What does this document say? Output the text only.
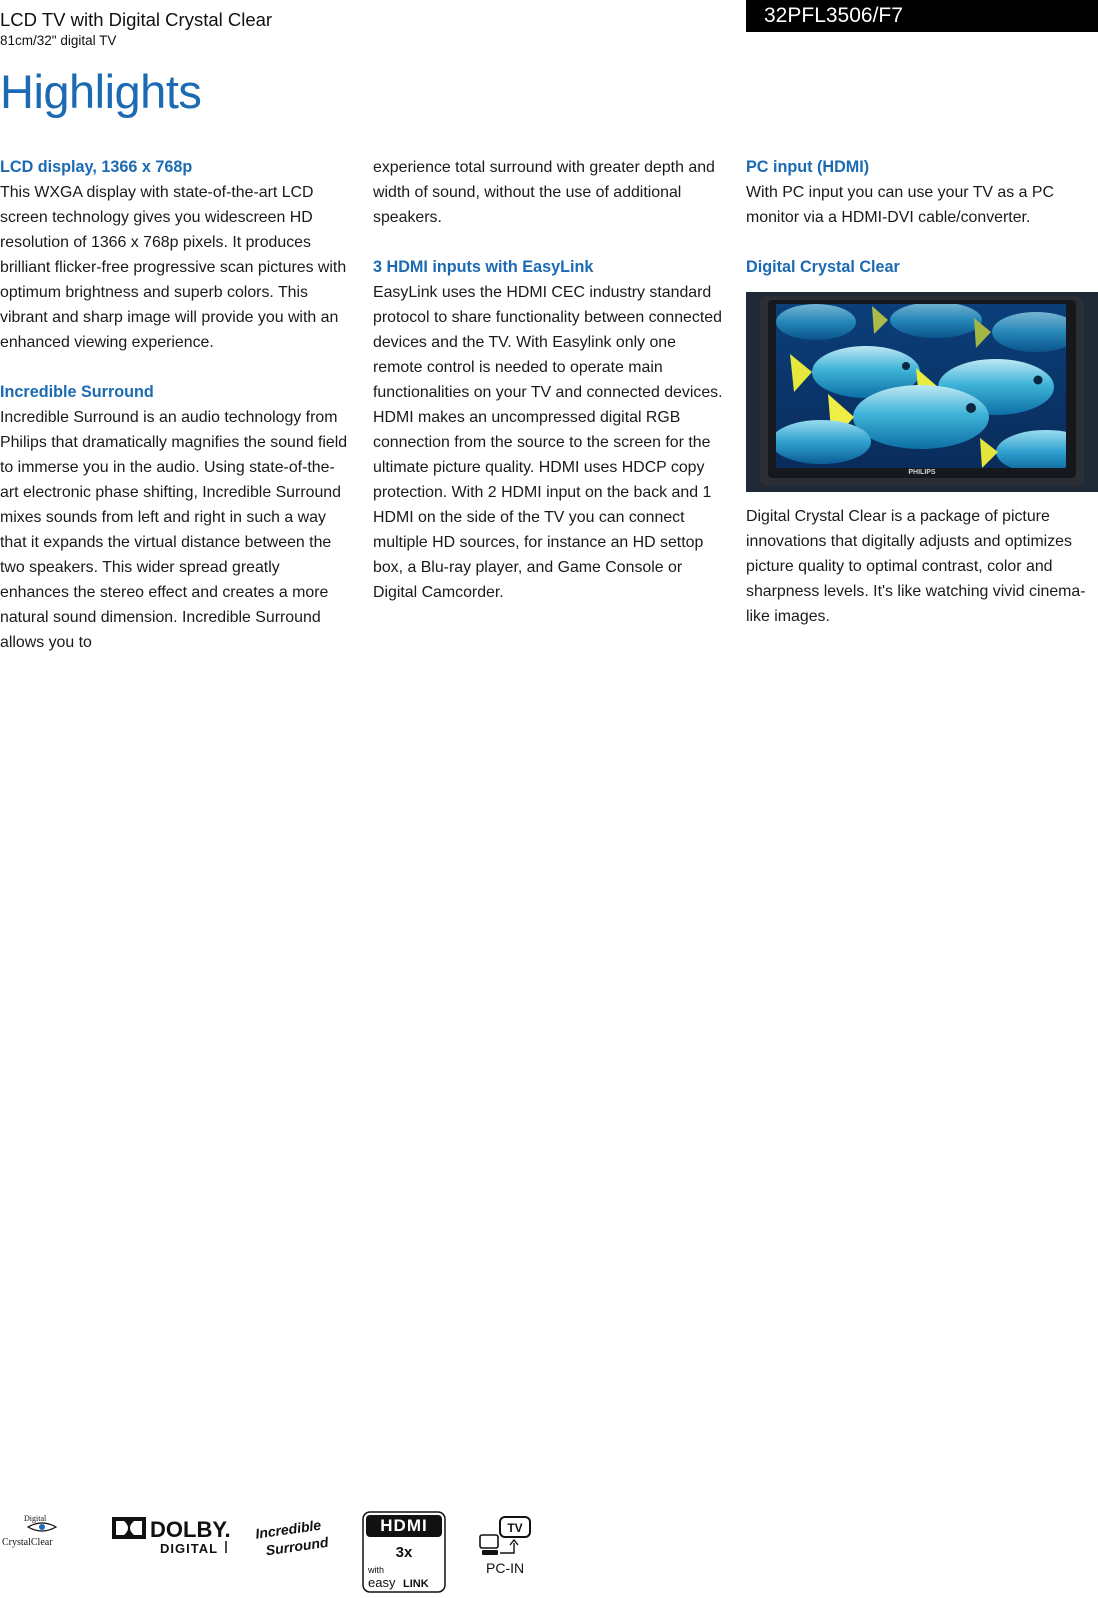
LCD TV with Digital Crystal Clear
81cm/32" digital TV
32PFL3506/F7
Highlights
LCD display, 1366 x 768p

This WXGA display with state-of-the-art LCD screen technology gives you widescreen HD resolution of 1366 x 768p pixels. It produces brilliant flicker-free progressive scan pictures with optimum brightness and superb colors. This vibrant and sharp image will provide you with an enhanced viewing experience.

Incredible Surround

Incredible Surround is an audio technology from Philips that dramatically magnifies the sound field to immerse you in the audio. Using state-of-the-art electronic phase shifting, Incredible Surround mixes sounds from left and right in such a way that it expands the virtual distance between the two speakers. This wider spread greatly enhances the stereo effect and creates a more natural sound dimension. Incredible Surround allows you to

experience total surround with greater depth and width of sound, without the use of additional speakers.

3 HDMI inputs with EasyLink

EasyLink uses the HDMI CEC industry standard protocol to share functionality between connected devices and the TV. With Easylink only one remote control is needed to operate main functionalities on your TV and connected devices. HDMI makes an uncompressed digital RGB connection from the source to the screen for the ultimate picture quality. HDMI uses HDCP copy protection. With 2 HDMI input on the back and 1 HDMI on the side of the TV you can connect multiple HD sources, for instance an HD settop box, a Blu-ray player, and Game Console or Digital Camcorder.

PC input (HDMI)

With PC input you can use your TV as a PC monitor via a HDMI-DVI cable/converter.

Digital Crystal Clear
PHILIPS

Digital Crystal Clear is a package of picture innovations that digitally adjusts and optimizes picture quality to optimal contrast, color and sharpness levels. It's like watching vivid cinema-like images.

Digital
CrystalClear
DOLBY.
DIGITAL
Incredible
Surround
HDMI
3x
with
easy LINK
TV
PC-IN
